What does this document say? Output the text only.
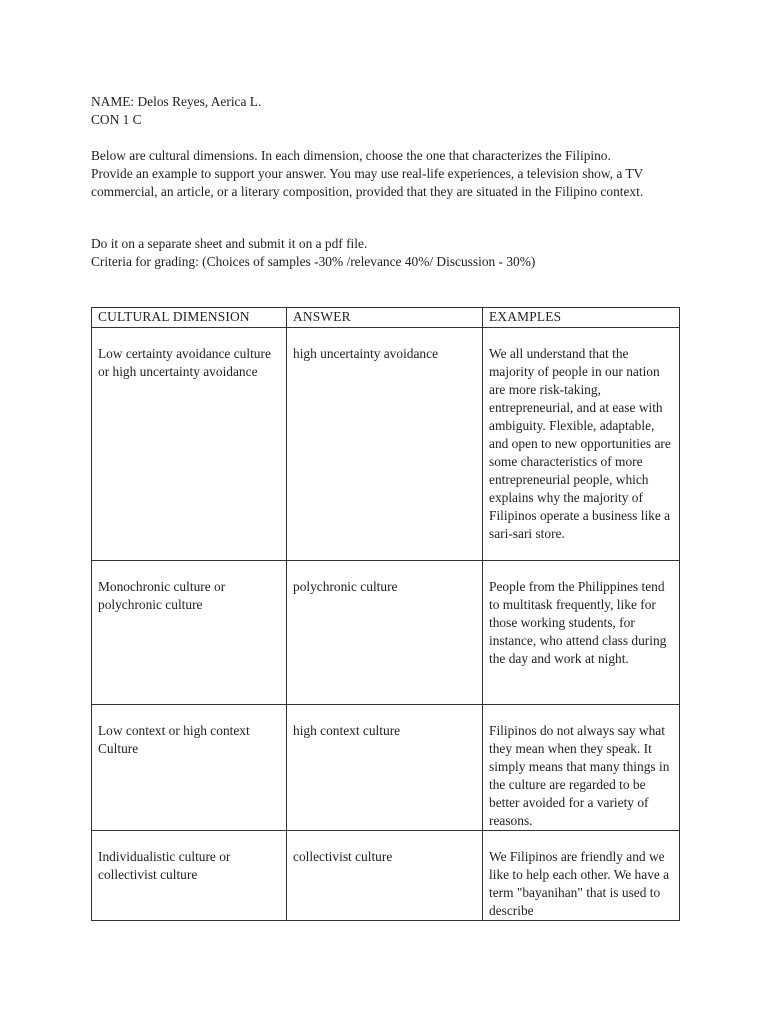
NAME: Delos Reyes, Aerica L.

CON 1 C

Below are cultural dimensions. In each dimension, choose the one that characterizes the Filipino. Provide an example to support your answer. You may use real-life experiences, a television show, a TV commercial, an article, or a literary composition, provided that they are situated in the Filipino context.

Do it on a separate sheet and submit it on a pdf file.

Criteria for grading: (Choices of samples -30% /relevance 40%/ Discussion - 30%)

CULTURAL DIMENSION	ANSWER	EXAMPLES

Low certainty avoidance culture or high uncertainty avoidance	high uncertainty avoidance	We all understand that the majority of people in our nation are more risk-taking, entrepreneurial, and at ease with ambiguity. Flexible, adaptable, and open to new opportunities are some characteristics of more entrepreneurial people, which explains why the majority of Filipinos operate a business like a sari-sari store.

Monochronic culture or polychronic culture	polychronic culture	People from the Philippines tend to multitask frequently, like for those working students, for instance, who attend class during the day and work at night.

Low context or high context Culture	high context culture	Filipinos do not always say what they mean when they speak. It simply means that many things in the culture are regarded to be better avoided for a variety of reasons.

Individualistic culture or collectivist culture	collectivist culture	We Filipinos are friendly and we like to help each other. We have a term "bayanihan" that is used to describe
